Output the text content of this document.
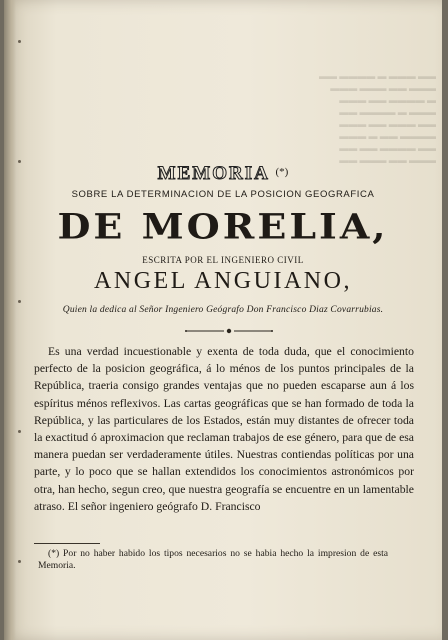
▬▬ ▬▬▬ ▬ ▬▬▬▬ ▬▬
▬▬▬ ▬▬ ▬▬▬ ▬▬▬
▬ ▬▬▬▬ ▬▬ ▬▬▬
▬▬▬ ▬ ▬▬▬▬ ▬▬
▬▬ ▬▬▬ ▬▬ ▬▬▬
▬▬▬▬ ▬▬ ▬ ▬▬▬
▬▬ ▬▬▬▬ ▬▬ ▬▬
▬▬▬ ▬▬ ▬▬▬ ▬▬
MEMORIA (*)
SOBRE LA DETERMINACION DE LA POSICION GEOGRAFICA
DE MORELIA,
ESCRITA POR EL INGENIERO CIVIL
ANGEL ANGUIANO,
Quien la dedica al Señor Ingeniero Geógrafo Don Francisco Diaz Covarrubias.

Es una verdad incuestionable y exenta de toda duda, que el conocimiento perfecto de la posicion geográfica, á lo ménos de los puntos principales de la República, traeria consigo grandes ventajas que no pueden escaparse aun á los espíritus ménos reflexivos. Las cartas geográficas que se han formado de toda la República, y las particulares de los Estados, están muy distantes de ofrecer toda la exactitud ó aproximacion que reclaman trabajos de ese género, para que de esa manera puedan ser verdaderamente útiles. Nuestras contiendas políticas por una parte, y lo poco que se hallan extendidos los conocimientos astronómicos por otra, han hecho, segun creo, que nuestra geografía se encuentre en un lamentable atraso. El señor ingeniero geógrafo D. Francisco

(*) Por no haber habido los tipos necesarios no se habia hecho la impresion de esta Memoria.
